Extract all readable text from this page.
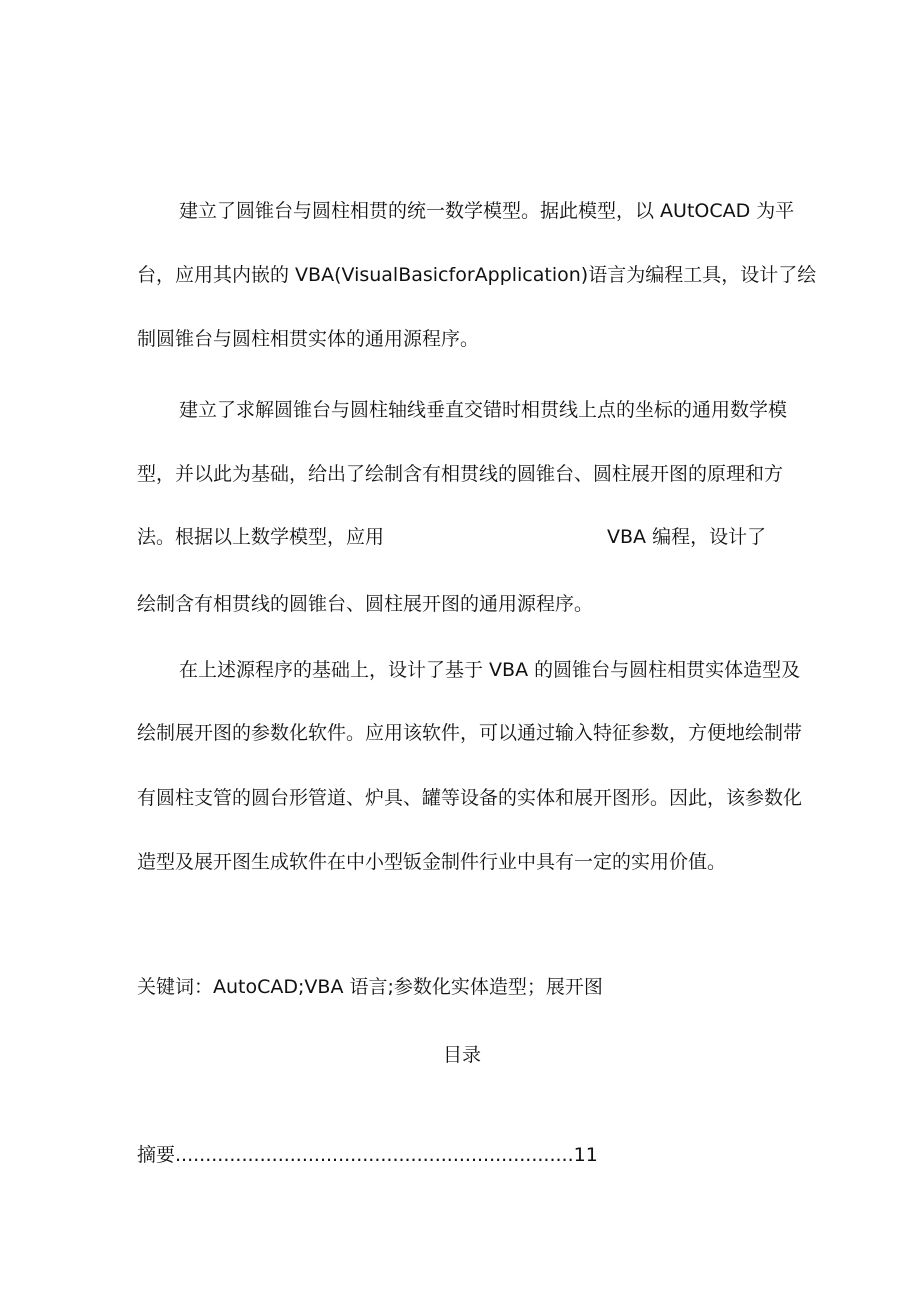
建立了圆锥台与圆柱相贯的统一数学模型。据此模型，以 AUtOCAD 为平

台，应用其内嵌的 VBA(VisualBasicforApplication)语言为编程工具，设计了绘

制圆锥台与圆柱相贯实体的通用源程序。

建立了求解圆锥台与圆柱轴线垂直交错时相贯线上点的坐标的通用数学模

型，并以此为基础，给出了绘制含有相贯线的圆锥台、圆柱展开图的原理和方

法。根据以上数学模型，应用	VBA 编程，设计了

绘制含有相贯线的圆锥台、圆柱展开图的通用源程序。

在上述源程序的基础上，设计了基于 VBA 的圆锥台与圆柱相贯实体造型及

绘制展开图的参数化软件。应用该软件，可以通过输入特征参数，方便地绘制带

有圆柱支管的圆台形管道、炉具、罐等设备的实体和展开图形。因此，该参数化

造型及展开图生成软件在中小型钣金制件行业中具有一定的实用价值。

关键词：AutoCAD;VBA 语言;参数化实体造型；展开图

目录

摘要..................................................................11
